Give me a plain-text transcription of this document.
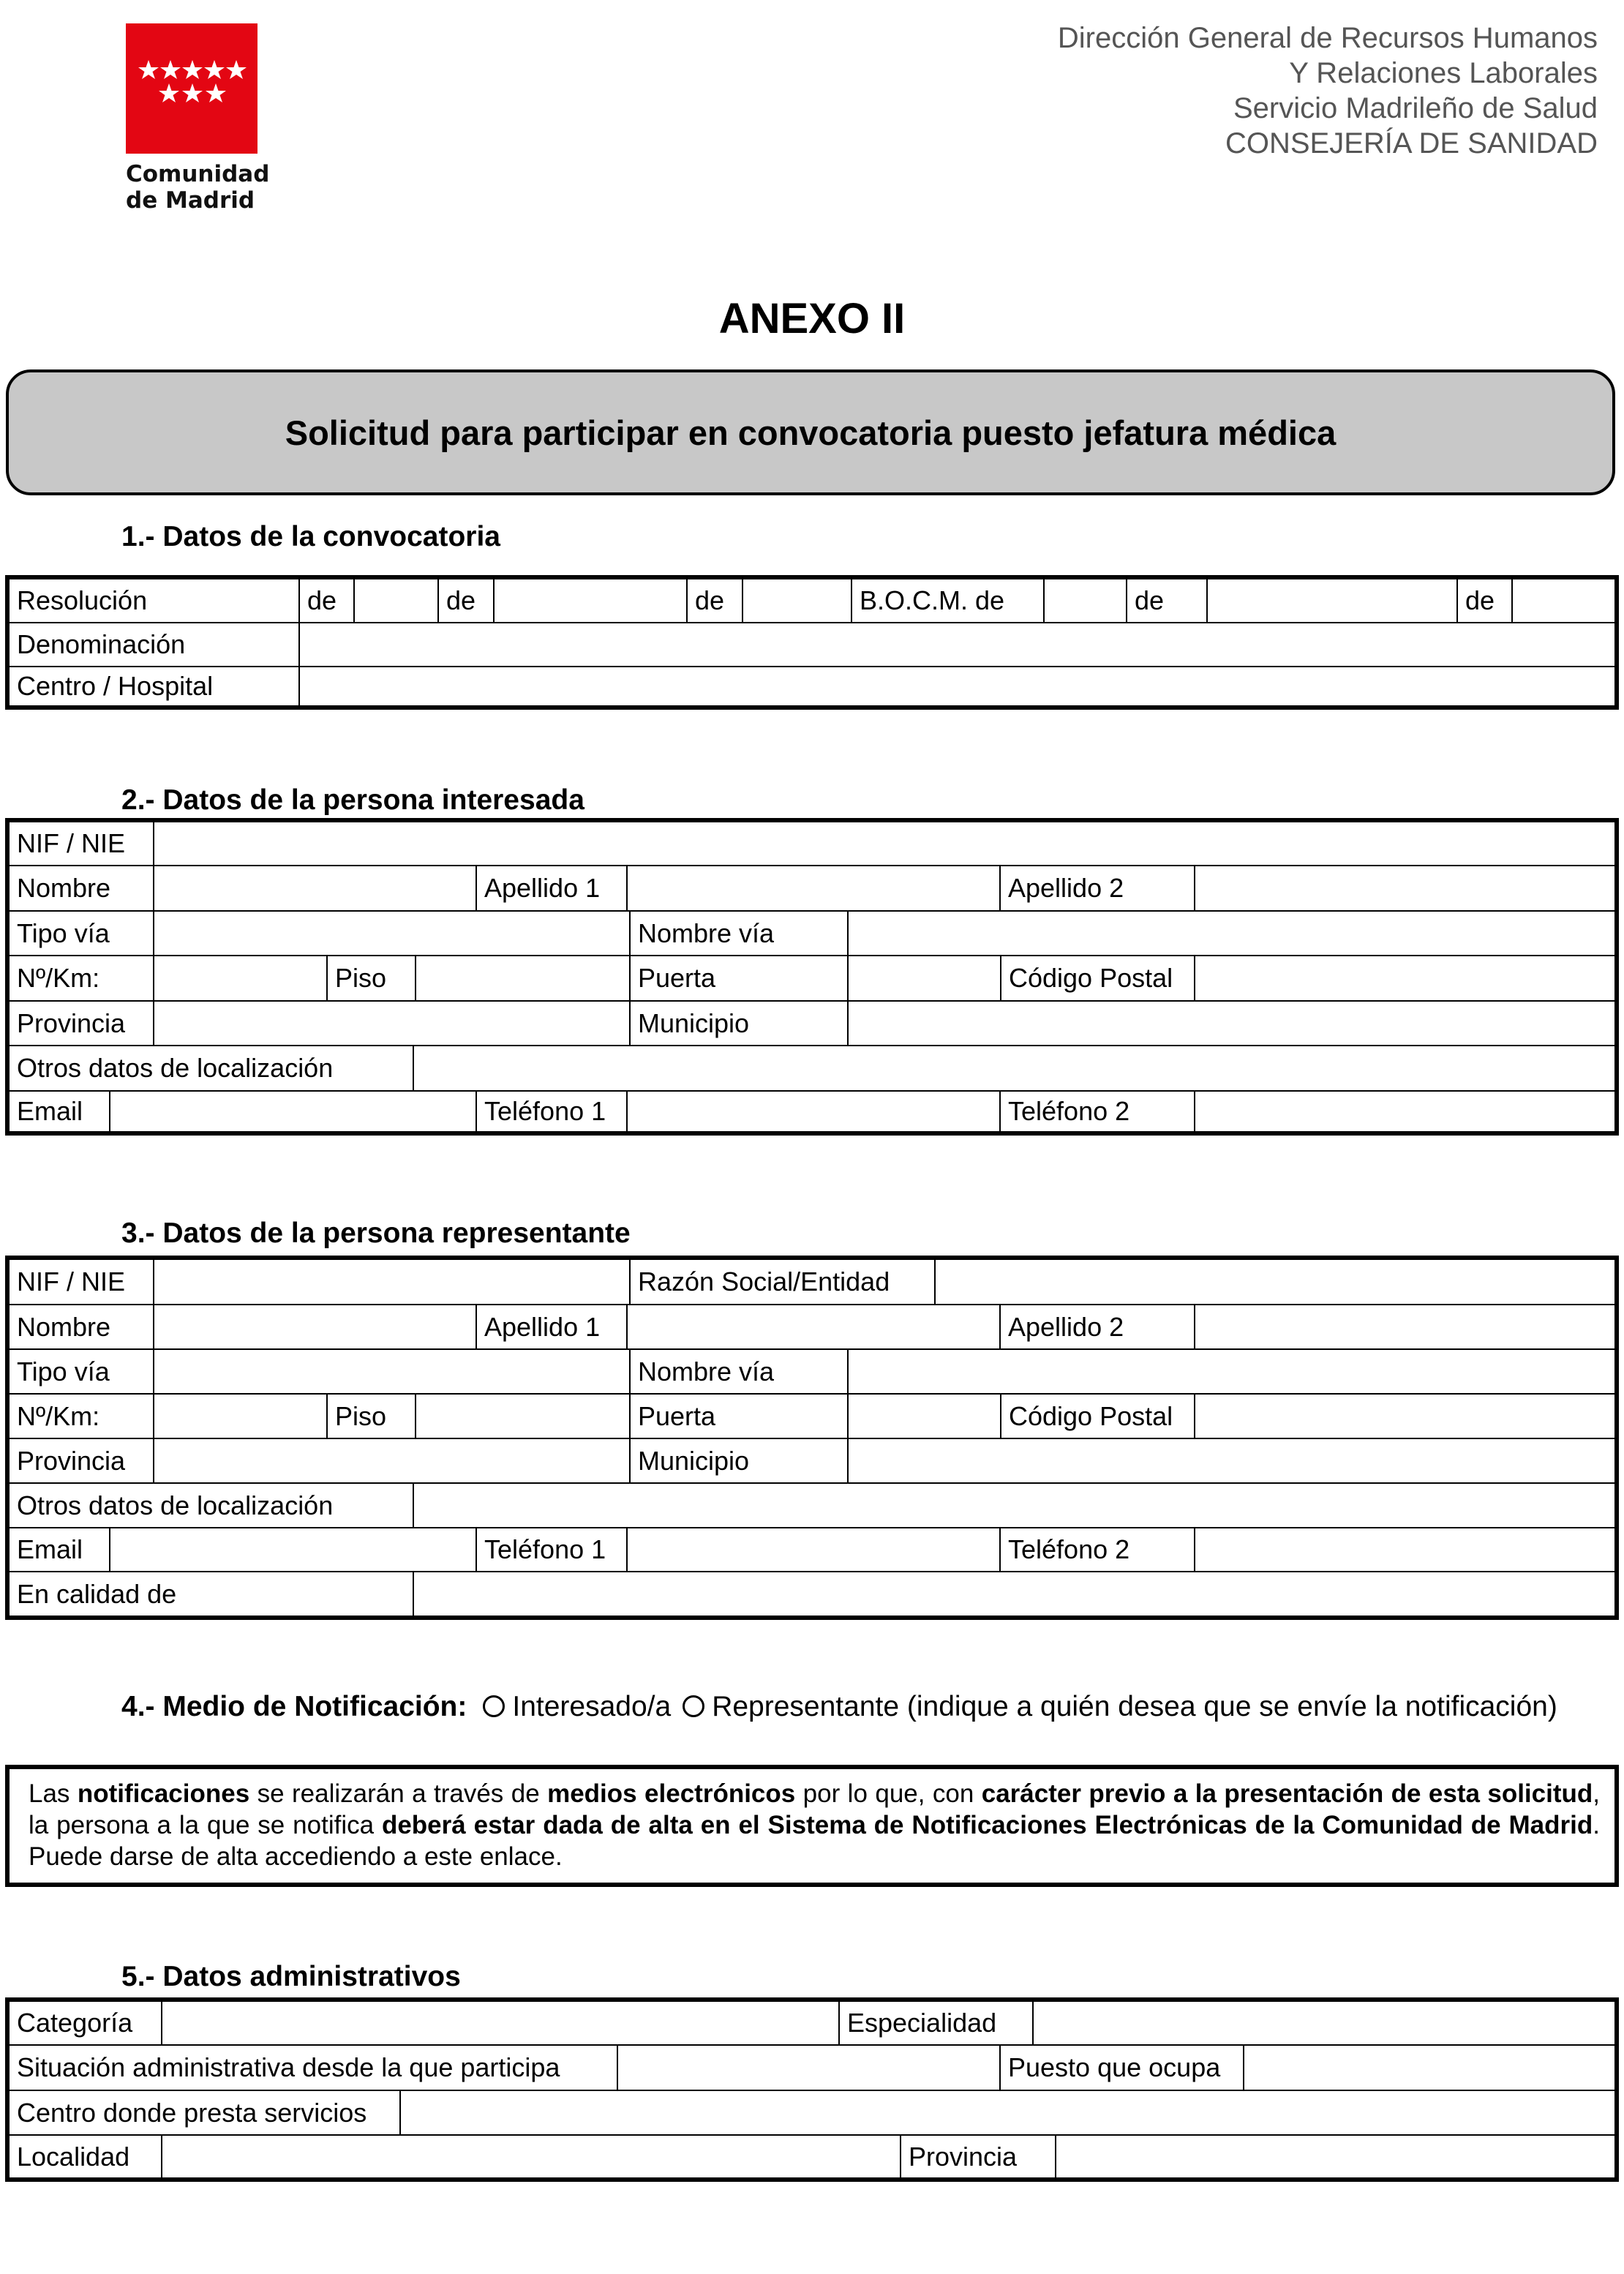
Comunidad
de Madrid
Dirección General de Recursos Humanos
Y Relaciones Laborales
Servicio Madrileño de Salud
CONSEJERÍA DE SANIDAD
ANEXO II
Solicitud para participar en convocatoria puesto jefatura médica
1.- Datos de la convocatoria
Resolución	de	de	de	B.O.C.M. de	de	de
Denominación
Centro / Hospital
2.- Datos de la persona interesada
NIF / NIE
Nombre	Apellido 1	Apellido 2
Tipo vía	Nombre vía
Nº/Km:	Piso	Puerta	Código Postal
Provincia	Municipio
Otros datos de localización
Email	Teléfono 1	Teléfono 2
3.- Datos de la persona representante
NIF / NIE	Razón Social/Entidad
Nombre	Apellido 1	Apellido 2
Tipo vía	Nombre vía
Nº/Km:	Piso	Puerta	Código Postal
Provincia	Municipio
Otros datos de localización
Email	Teléfono 1	Teléfono 2
En calidad de
4.- Medio de Notificación: Interesado/a Representante (indique a quién desea que se envíe la notificación)
Las notificaciones se realizarán a través de medios electrónicos por lo que, con carácter previo a la presentación de esta solicitud, la persona a la que se notifica deberá estar dada de alta en el Sistema de Notificaciones Electrónicas de la Comunidad de Madrid. Puede darse de alta accediendo a este enlace.
5.- Datos administrativos
Categoría	Especialidad
Situación administrativa desde la que participa	Puesto que ocupa
Centro donde presta servicios
Localidad	Provincia
